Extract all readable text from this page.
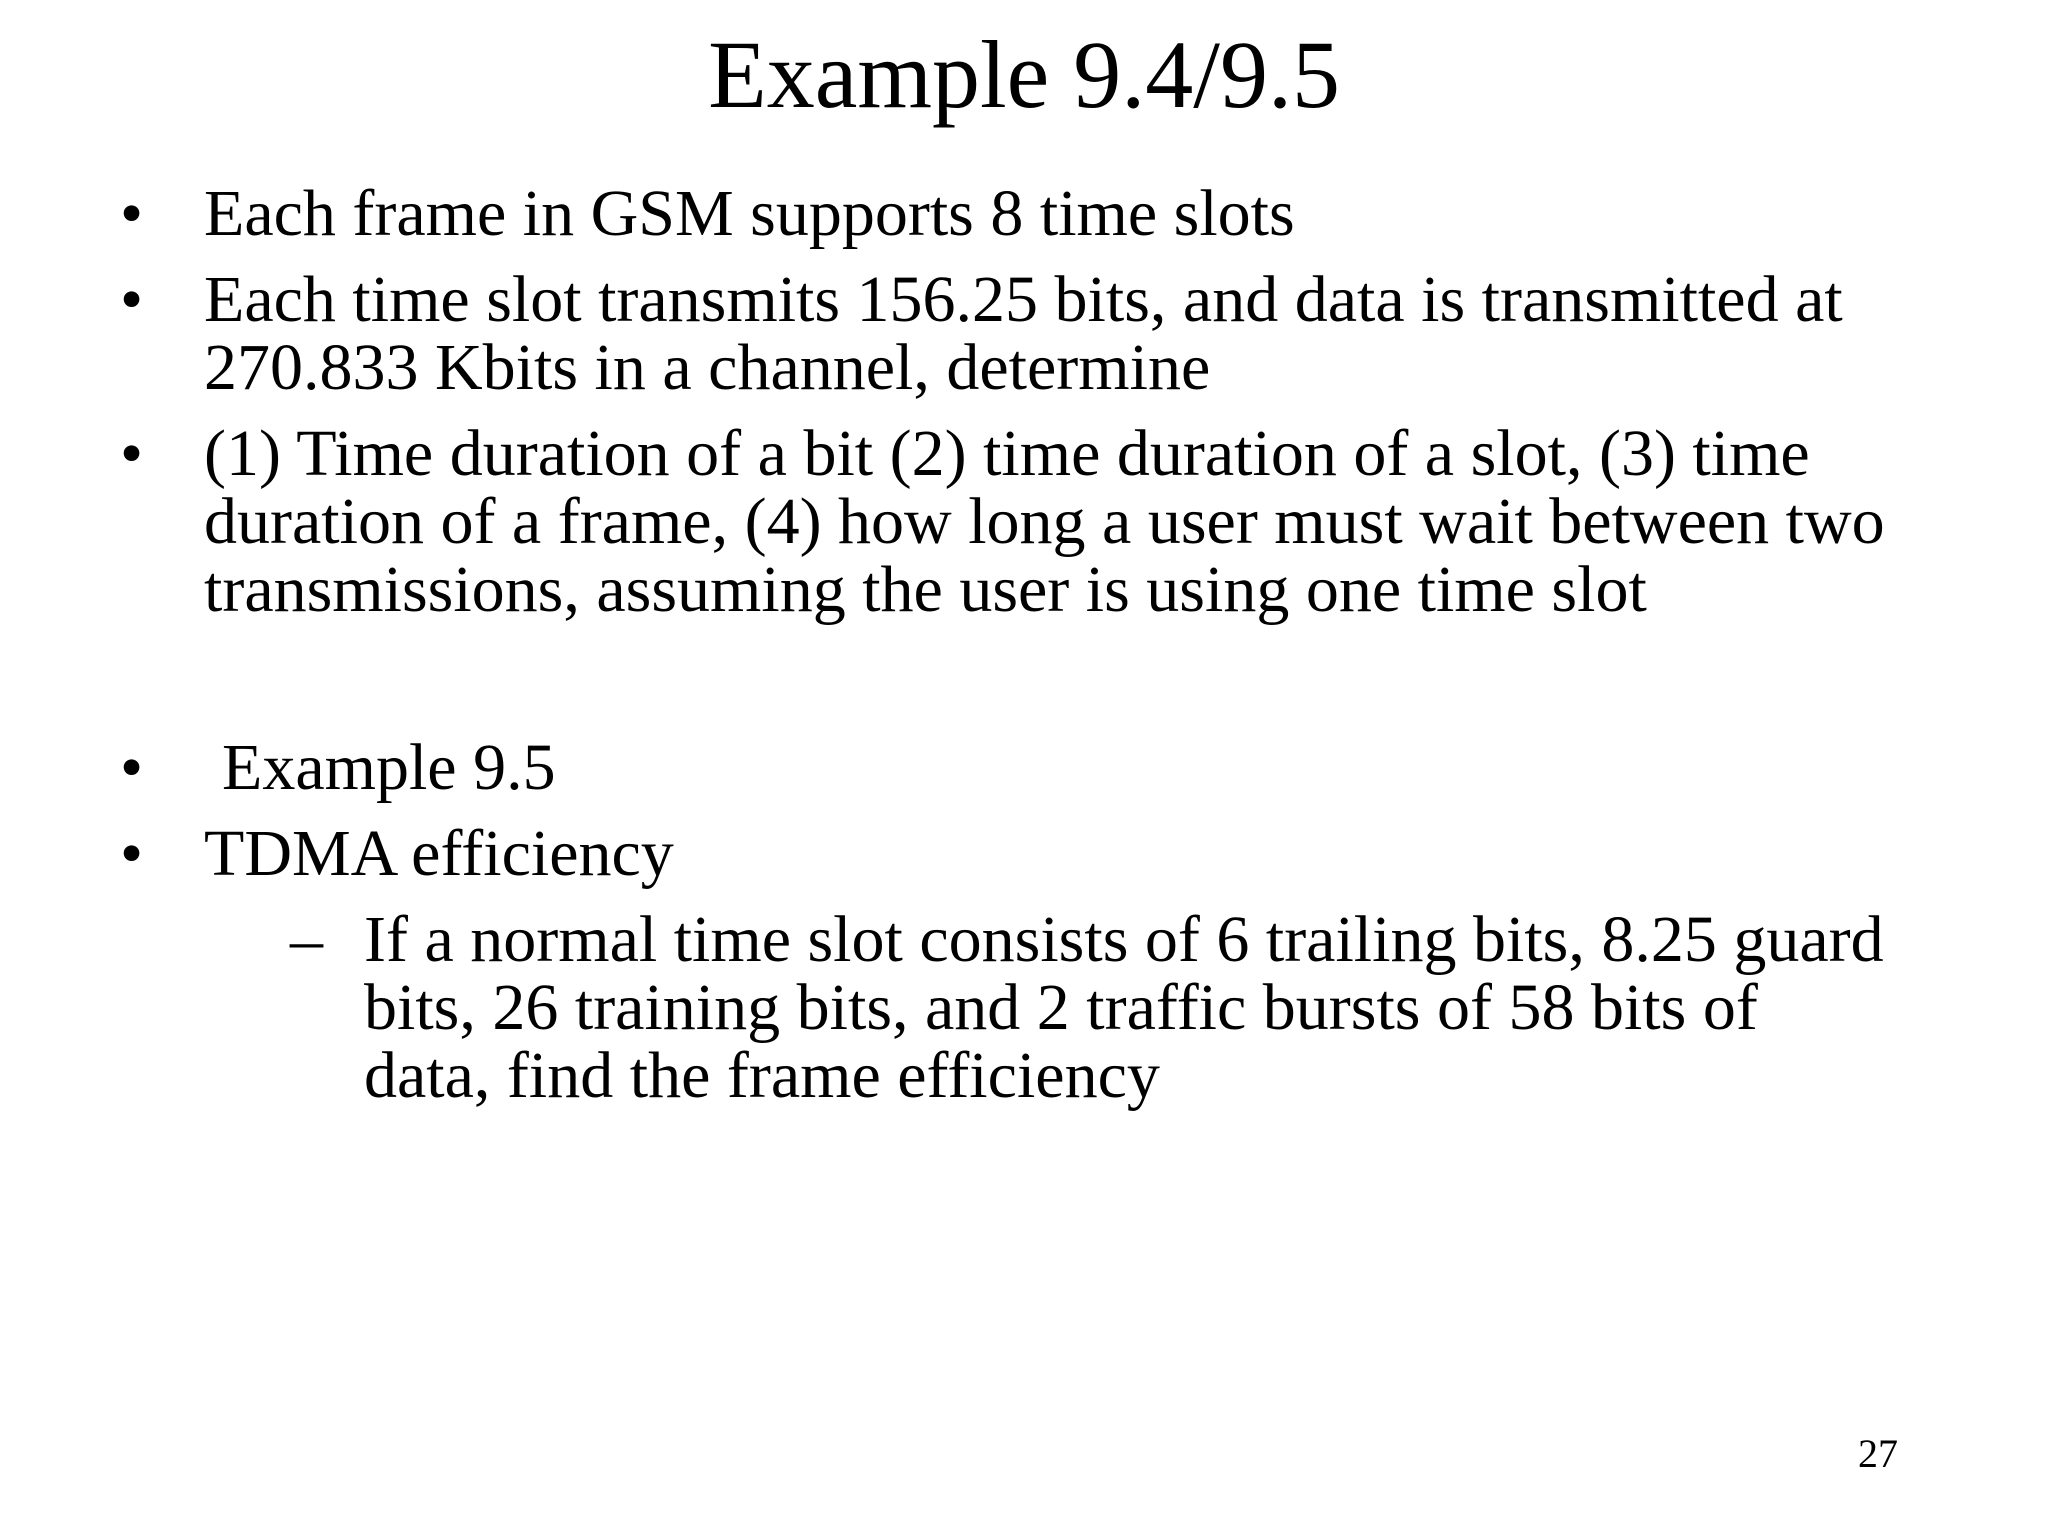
Example 9.4/9.5
• Each frame in GSM supports 8 time slots
• Each time slot transmits 156.25 bits, and data is transmitted at 270.833 Kbits in a channel, determine
• (1) Time duration of a bit (2) time duration of a slot, (3) time duration of a frame, (4) how long a user must wait between two transmissions, assuming the user is using one time slot
• Example 9.5
• TDMA efficiency
– If a normal time slot consists of 6 trailing bits, 8.25 guard bits, 26 training bits, and 2 traffic bursts of 58 bits of data, find the frame efficiency
27
